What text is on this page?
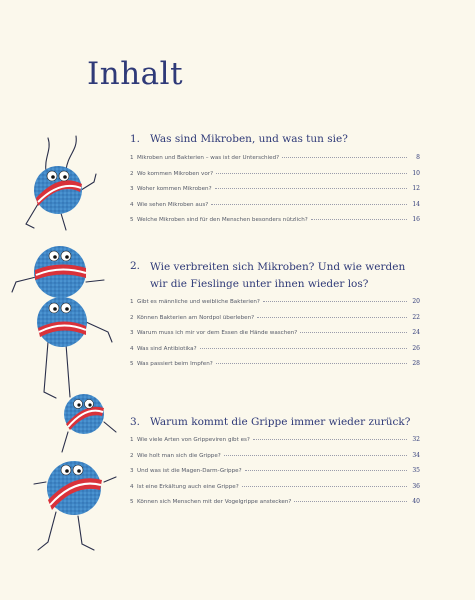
Inhalt
1. Was sind Mikroben, und was tun sie?
1 Mikroben und Bakterien – was ist der Unterschied?	8
2 Wo kommen Mikroben vor?	10
3 Woher kommen Mikroben?	12
4 Wie sehen Mikroben aus?	14
5 Welche Mikroben sind für den Menschen besonders nützlich?	16
2. Wie verbreiten sich Mikroben? Und wie werden wir die Fieslinge unter ihnen wieder los?
1 Gibt es männliche und weibliche Bakterien?	20
2 Können Bakterien am Nordpol überleben?	22
3 Warum muss ich mir vor dem Essen die Hände waschen?	24
4 Was sind Antibiotika?	26
5 Was passiert beim Impfen?	28
3. Warum kommt die Grippe immer wieder zurück?
1 Wie viele Arten von Grippeviren gibt es?	32
2 Wie holt man sich die Grippe?	34
3 Und was ist die Magen-Darm-Grippe?	35
4 Ist eine Erkältung auch eine Grippe?	36
5 Können sich Menschen mit der Vogelgrippe anstecken?	40
